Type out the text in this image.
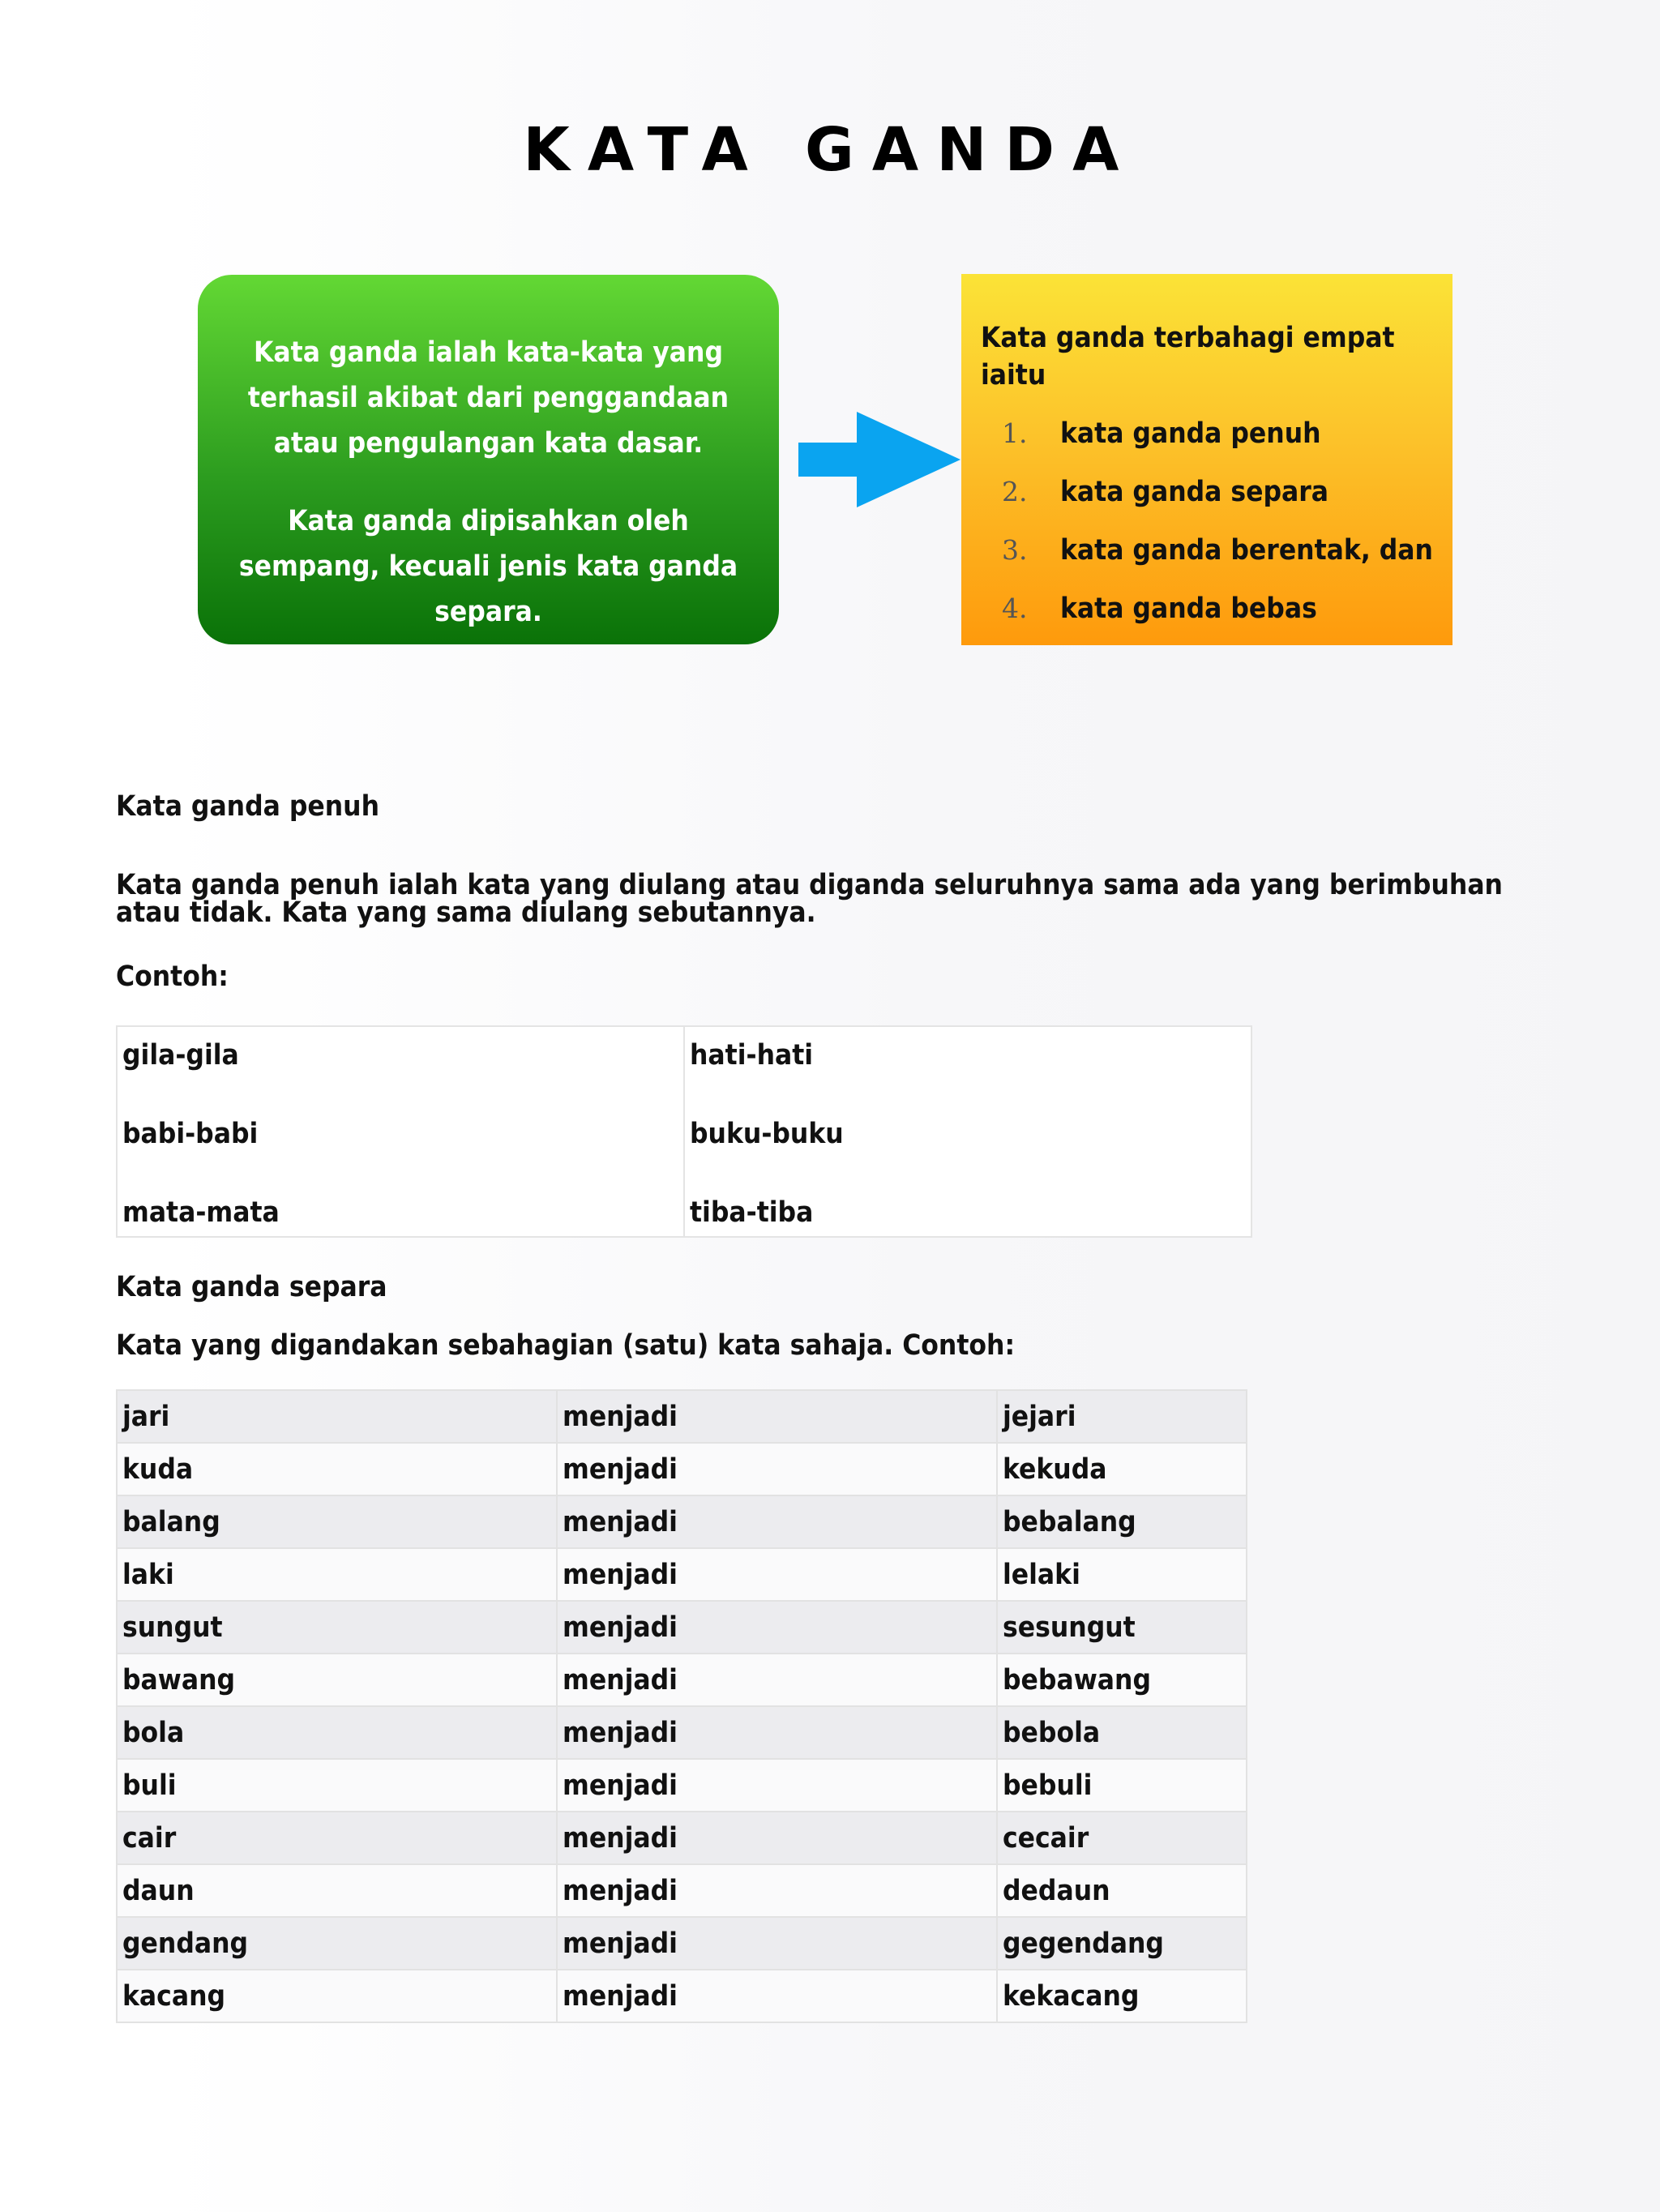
KATA GANDA

Kata ganda ialah kata-kata yang terhasil akibat dari penggandaan atau pengulangan kata dasar.

Kata ganda dipisahkan oleh sempang, kecuali jenis kata ganda separa.

Kata ganda terbahagi empat iaitu

1.	kata ganda penuh
2.	kata ganda separa
3.	kata ganda berentak, dan
4.	kata ganda bebas

Kata ganda penuh

Kata ganda penuh ialah kata yang diulang atau diganda seluruhnya sama ada yang berimbuhan atau tidak. Kata yang sama diulang sebutannya.

Contoh:

gila-gila
babi-babi
mata-mata

hati-hati
buku-buku
tiba-tiba

Kata ganda separa

Kata yang digandakan sebahagian (satu) kata sahaja. Contoh:

jari	menjadi	jejari
kuda	menjadi	kekuda
balang	menjadi	bebalang
laki	menjadi	lelaki
sungut	menjadi	sesungut
bawang	menjadi	bebawang
bola	menjadi	bebola
buli	menjadi	bebuli
cair	menjadi	cecair
daun	menjadi	dedaun
gendang	menjadi	gegendang
kacang	menjadi	kekacang
